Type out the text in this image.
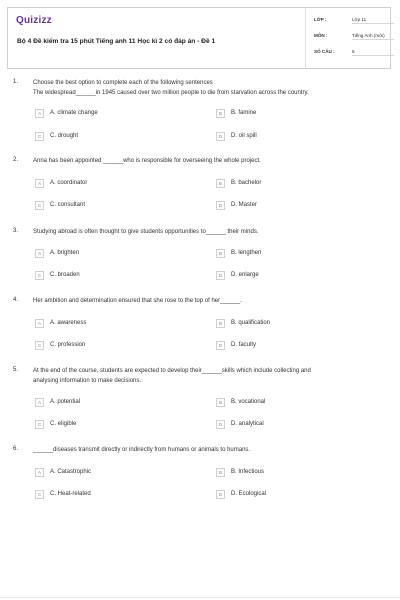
Quizizz
Bộ 4 Đề kiểm tra 15 phút Tiếng anh 11 Học kì 2 có đáp án - Đề 1
LỚP :	Lớp 11
MÔN :	Tiếng Anh (mới)
SỐ CÂU :	6
1. Choose the best option to complete each of the following sentences
The widespread______in 1945 caused over two million people to die from starvation across the country.
A	A. climate change	B	B. famine
C	C. drought	D	D. oil spill
2. Anna has been appointed ______who is responsible for overseeing the whole project.
A	A. coordinator	B	B. bachelor
C	C. consultant	D	D. Master
3. Studying abroad is often thought to give students opportunities to______ their minds.
A	A. brighten	B	B. lengthen
C	C. broaden	D	D. enlarge
4. Her ambition and determination ensured that she rose to the top of her______.
A	A. awareness	B	B. qualification
C	C. profession	D	D. faculty
5. At the end of the course, students are expected to develop their______skills which include collecting and
analysing information to make decisions.
A	A. potential	B	B. vocational
C	C. eligible	D	D. analytical
6. ______diseases transmit directly or indirectly from humans or animals to humans.
A	A. Catastrophic	B	B. Infectious
C	C. Heat-related	D	D. Ecological
